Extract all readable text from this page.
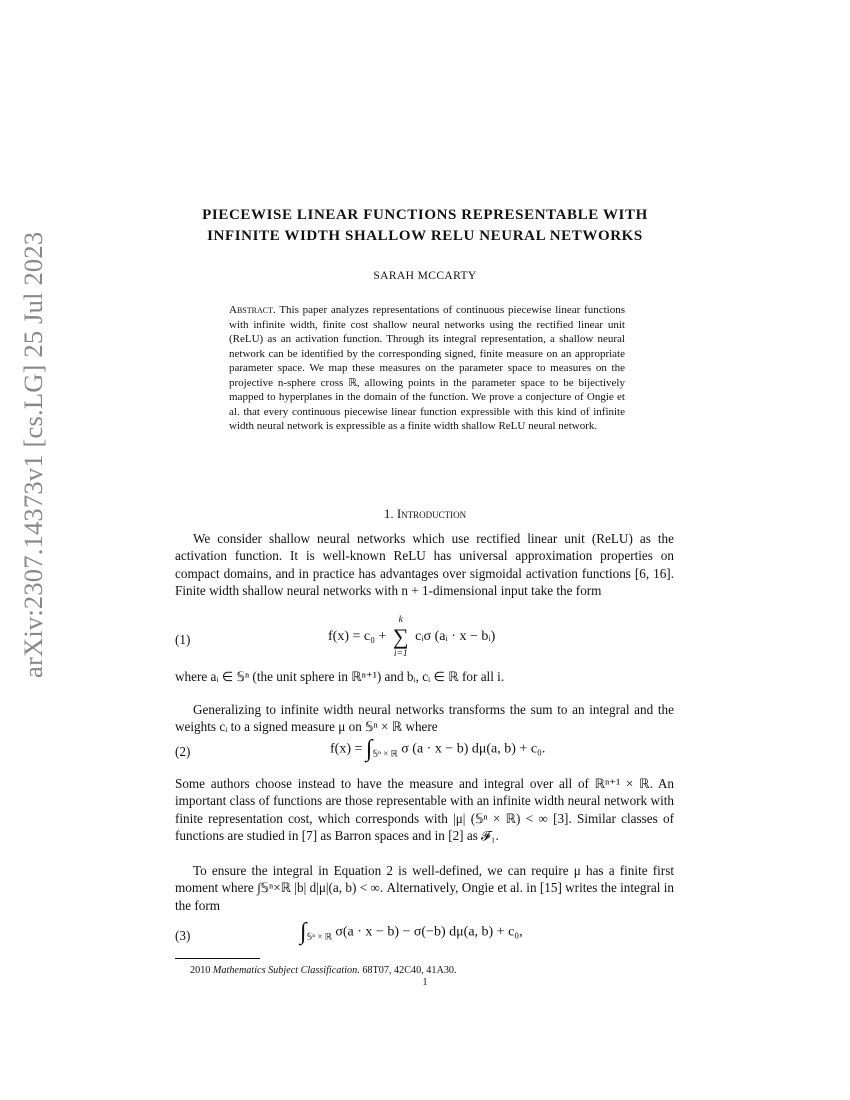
arXiv:2307.14373v1 [cs.LG] 25 Jul 2023
PIECEWISE LINEAR FUNCTIONS REPRESENTABLE WITH
INFINITE WIDTH SHALLOW RELU NEURAL NETWORKS
SARAH MCCARTY
Abstract. This paper analyzes representations of continuous piecewise linear functions with infinite width, finite cost shallow neural networks using the rectified linear unit (ReLU) as an activation function. Through its integral representation, a shallow neural network can be identified by the corresponding signed, finite measure on an appropriate parameter space. We map these measures on the parameter space to measures on the projective n-sphere cross ℝ, allowing points in the parameter space to be bijectively mapped to hyperplanes in the domain of the function. We prove a conjecture of Ongie et al. that every continuous piecewise linear function expressible with this kind of infinite width neural network is expressible as a finite width shallow ReLU neural network.
1. Introduction
We consider shallow neural networks which use rectified linear unit (ReLU) as the activation function. It is well-known ReLU has universal approximation properties on compact domains, and in practice has advantages over sigmoidal activation functions [6, 16]. Finite width shallow neural networks with n + 1-dimensional input take the form
(1)	f(x) = c₀ +
k
∑
i=1
cᵢσ (aᵢ · x − bᵢ)
where aᵢ ∈ 𝕊ⁿ (the unit sphere in ℝⁿ⁺¹) and bᵢ, cᵢ ∈ ℝ for all i.
Generalizing to infinite width neural networks transforms the sum to an integral and the weights cᵢ to a signed measure μ on 𝕊ⁿ × ℝ where
(2)	$f(x) = \int_{𝕊^n \times ℝ}$ σ (a · x − b) dμ(a, b) + c₀.
Some authors choose instead to have the measure and integral over all of ℝⁿ⁺¹ × ℝ. An important class of functions are those representable with an infinite width neural network with finite representation cost, which corresponds with |μ| (𝕊ⁿ × ℝ) < ∞ [3]. Similar classes of functions are studied in [7] as Barron spaces and in [2] as 𝓕₁.
To ensure the integral in Equation 2 is well-defined, we can require μ has a finite first moment where ∫𝕊ⁿ×ℝ |b| d|μ|(a, b) < ∞. Alternatively, Ongie et al. in [15] writes the integral in the form
(3)	$\int_{𝕊^n \times ℝ}$ σ(a · x − b) − σ(−b) dμ(a, b) + c₀,
2010 Mathematics Subject Classification. 68T07, 42C40, 41A30.
1
